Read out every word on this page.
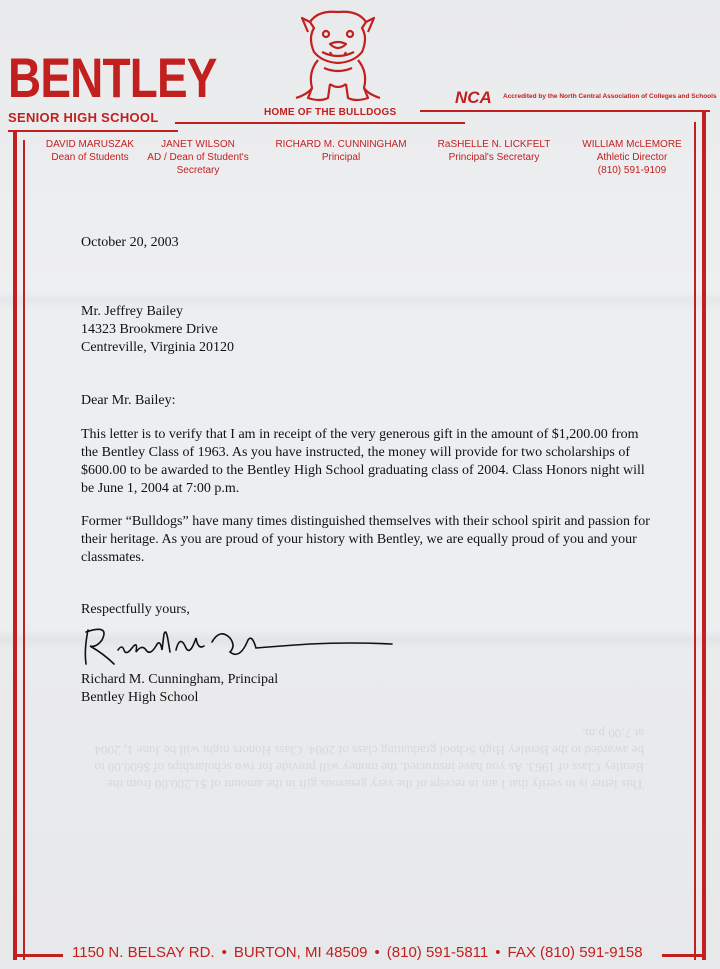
BENTLEY
SENIOR HIGH SCHOOL	HOME OF THE BULLDOGS
NCA Accredited by the North Central Association of Colleges and Schools
DAVID MARUSZAK
Dean of Students
JANET WILSON
AD / Dean of Student's Secretary
RICHARD M. CUNNINGHAM
Principal
RaSHELLE N. LICKFELT
Principal's Secretary
WILLIAM McLEMORE
Athletic Director
(810) 591-9109
October 20, 2003
Mr. Jeffrey Bailey
14323 Brookmere Drive
Centreville, Virginia 20120
Dear Mr. Bailey:
This letter is to verify that I am in receipt of the very generous gift in the amount of $1,200.00 from the Bentley Class of 1963. As you have instructed, the money will provide for two scholarships of $600.00 to be awarded to the Bentley High School graduating class of 2004. Class Honors night will be June 1, 2004 at 7:00 p.m.
Former “Bulldogs” have many times distinguished themselves with their school spirit and passion for their heritage. As you are proud of your history with Bentley, we are equally proud of you and your classmates.
Respectfully yours,
Richard M. Cunningham, Principal
Bentley High School
This letter is to verify that I am in receipt of the very generous gift in the amount of $1,200.00 from the Bentley Class of 1963. As you have instructed, the money will provide for two scholarships of $600.00 to be awarded to the Bentley High School graduating class of 2004. Class Honors night will be June 1, 2004 at 7:00 p.m.
1150 N. BELSAY RD. • BURTON, MI 48509 • (810) 591-5811 • FAX (810) 591-9158
